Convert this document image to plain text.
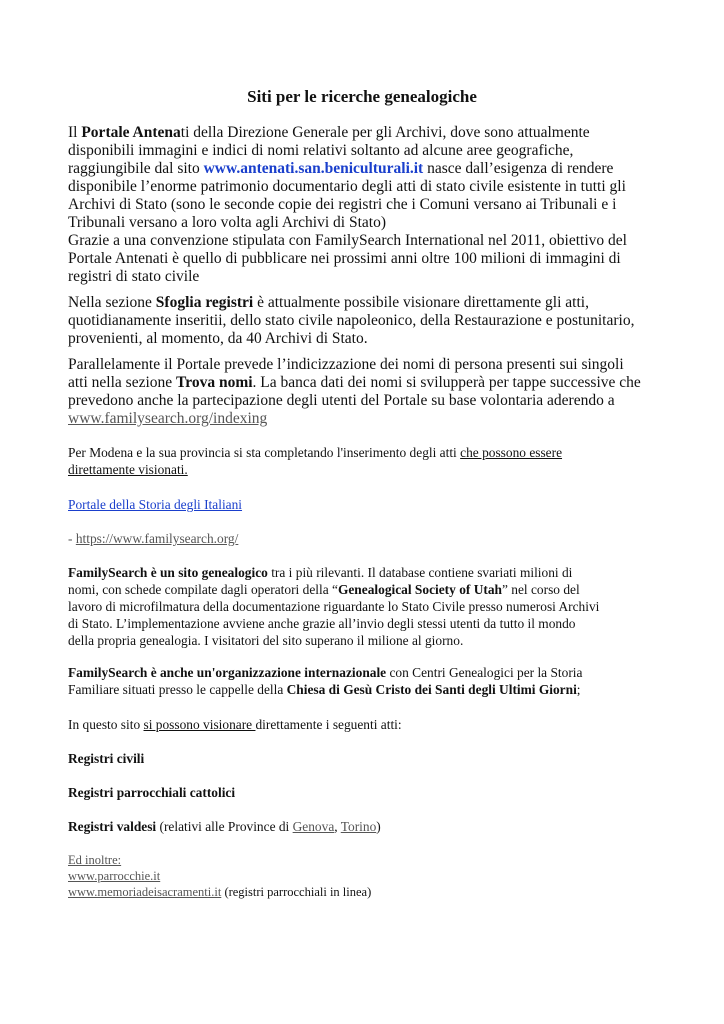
Siti per le ricerche genealogiche
Il Portale Antenati della Direzione Generale per gli Archivi, dove sono attualmente
disponibili immagini e indici di nomi relativi soltanto ad alcune aree geografiche,
raggiungibile dal sito www.antenati.san.beniculturali.it nasce dall’esigenza di rendere
disponibile l’enorme patrimonio documentario degli atti di stato civile esistente in tutti gli
Archivi di Stato (sono le seconde copie dei registri che i Comuni versano ai Tribunali e i
Tribunali versano a loro volta agli Archivi di Stato)
Grazie a una convenzione stipulata con FamilySearch International nel 2011, obiettivo del
Portale Antenati è quello di pubblicare nei prossimi anni oltre 100 milioni di immagini di
registri di stato civile
Nella sezione Sfoglia registri è attualmente possibile visionare direttamente gli atti,
quotidianamente inseritii, dello stato civile napoleonico, della Restaurazione e postunitario,
provenienti, al momento, da 40 Archivi di Stato.
Parallelamente il Portale prevede l’indicizzazione dei nomi di persona presenti sui singoli
atti nella sezione Trova nomi. La banca dati dei nomi si svilupperà per tappe successive che
prevedono anche la partecipazione degli utenti del Portale su base volontaria aderendo a
www.familysearch.org/indexing
Per Modena e la sua provincia si sta completando l'inserimento degli atti che possono essere
direttamente visionati.
Portale della Storia degli Italiani
- https://www.familysearch.org/
FamilySearch è un sito genealogico tra i più rilevanti. Il database contiene svariati milioni di
nomi, con schede compilate dagli operatori della “Genealogical Society of Utah” nel corso del
lavoro di microfilmatura della documentazione riguardante lo Stato Civile presso numerosi Archivi
di Stato. L’implementazione avviene anche grazie all’invio degli stessi utenti da tutto il mondo
della propria genealogia. I visitatori del sito superano il milione al giorno.
FamilySearch è anche un'organizzazione internazionale con Centri Genealogici per la Storia
Familiare situati presso le cappelle della Chiesa di Gesù Cristo dei Santi degli Ultimi Giorni;
In questo sito si possono visionare direttamente i seguenti atti:
Registri civili
Registri parrocchiali cattolici
Registri valdesi (relativi alle Province di Genova, Torino)
Ed inoltre:
www.parrocchie.it
www.memoriadeisacramenti.it (registri parrocchiali in linea)
